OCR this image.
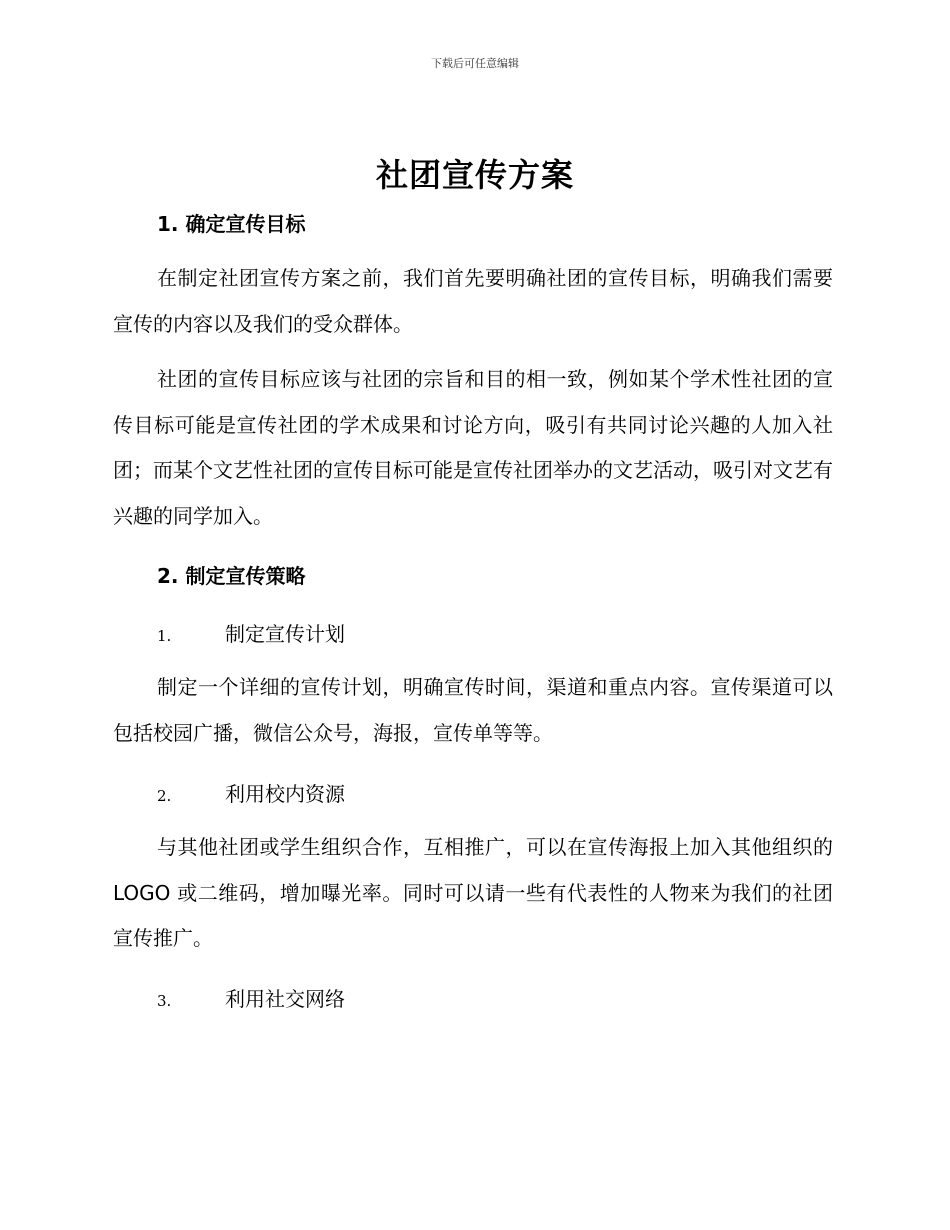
下载后可任意编辑
社团宣传方案
1. 确定宣传目标
在制定社团宣传方案之前，我们首先要明确社团的宣传目标，明确我们需要宣传的内容以及我们的受众群体。
社团的宣传目标应该与社团的宗旨和目的相一致，例如某个学术性社团的宣传目标可能是宣传社团的学术成果和讨论方向，吸引有共同讨论兴趣的人加入社团；而某个文艺性社团的宣传目标可能是宣传社团举办的文艺活动，吸引对文艺有兴趣的同学加入。
2. 制定宣传策略
1.	制定宣传计划
制定一个详细的宣传计划，明确宣传时间，渠道和重点内容。宣传渠道可以包括校园广播，微信公众号，海报，宣传单等等。
2.	利用校内资源
与其他社团或学生组织合作，互相推广，可以在宣传海报上加入其他组织的 LOGO 或二维码，增加曝光率。同时可以请一些有代表性的人物来为我们的社团宣传推广。
3.	利用社交网络
